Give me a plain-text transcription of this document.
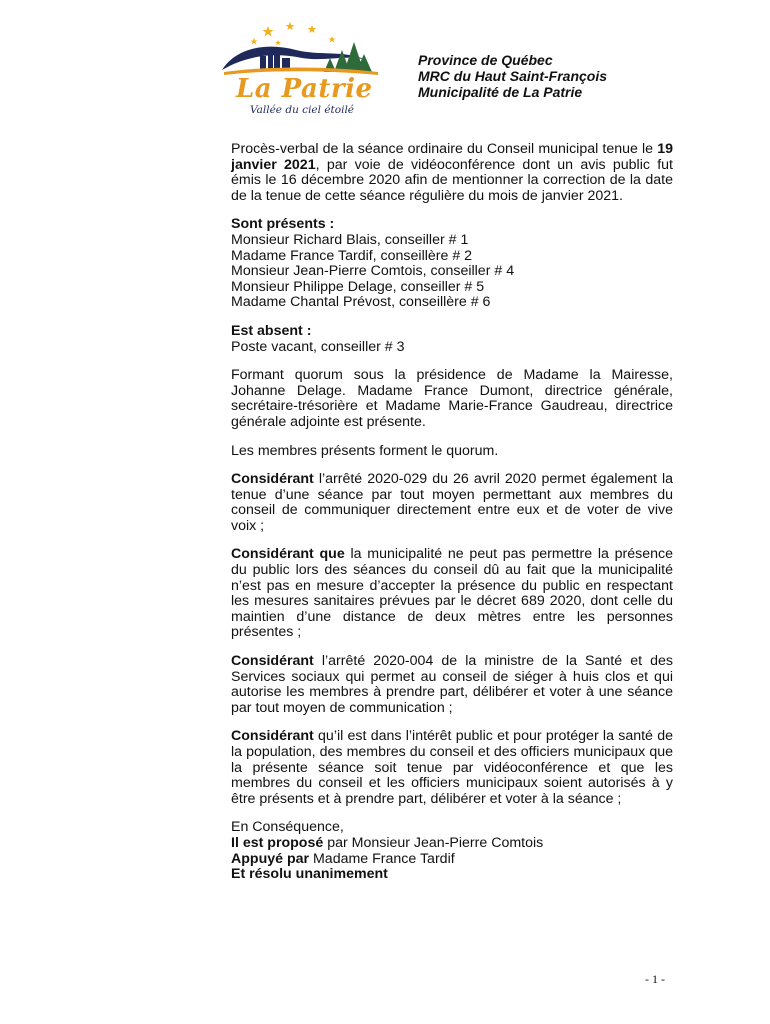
La Patrie
Vallée du ciel étoilé
Province de Québec
MRC du Haut Saint-François
Municipalité de La Patrie

Procès-verbal de la séance ordinaire du Conseil municipal tenue le 19 janvier 2021, par voie de vidéoconférence dont un avis public fut émis le 16 décembre 2020 afin de mentionner la correction de la date de la tenue de cette séance régulière du mois de janvier 2021.

Sont présents :
Monsieur Richard Blais, conseiller # 1
Madame France Tardif, conseillère # 2
Monsieur Jean-Pierre Comtois, conseiller # 4
Monsieur Philippe Delage, conseiller # 5
Madame Chantal Prévost, conseillère # 6

Est absent :
Poste vacant, conseiller # 3

Formant quorum sous la présidence de Madame la Mairesse, Johanne Delage. Madame France Dumont, directrice générale, secrétaire-trésorière et Madame Marie-France Gaudreau, directrice générale adjointe est présente.

Les membres présents forment le quorum.

Considérant l’arrêté 2020-029 du 26 avril 2020 permet également la tenue d’une séance par tout moyen permettant aux membres du conseil de communiquer directement entre eux et de voter de vive voix ;

Considérant que la municipalité ne peut pas permettre la présence du public lors des séances du conseil dû au fait que la municipalité n’est pas en mesure d’accepter la présence du public en respectant les mesures sanitaires prévues par le décret 689 2020, dont celle du maintien d’une distance de deux mètres entre les personnes présentes ;

Considérant l’arrêté 2020-004 de la ministre de la Santé et des Services sociaux qui permet au conseil de siéger à huis clos et qui autorise les membres à prendre part, délibérer et voter à une séance par tout moyen de communication ;

Considérant qu’il est dans l’intérêt public et pour protéger la santé de la population, des membres du conseil et des officiers municipaux que la présente séance soit tenue par vidéoconférence et que les membres du conseil et les officiers municipaux soient autorisés à y être présents et à prendre part, délibérer et voter à la séance ;

En Conséquence,
Il est proposé par Monsieur Jean-Pierre Comtois
Appuyé par Madame France Tardif
Et résolu unanimement

- 1 -
